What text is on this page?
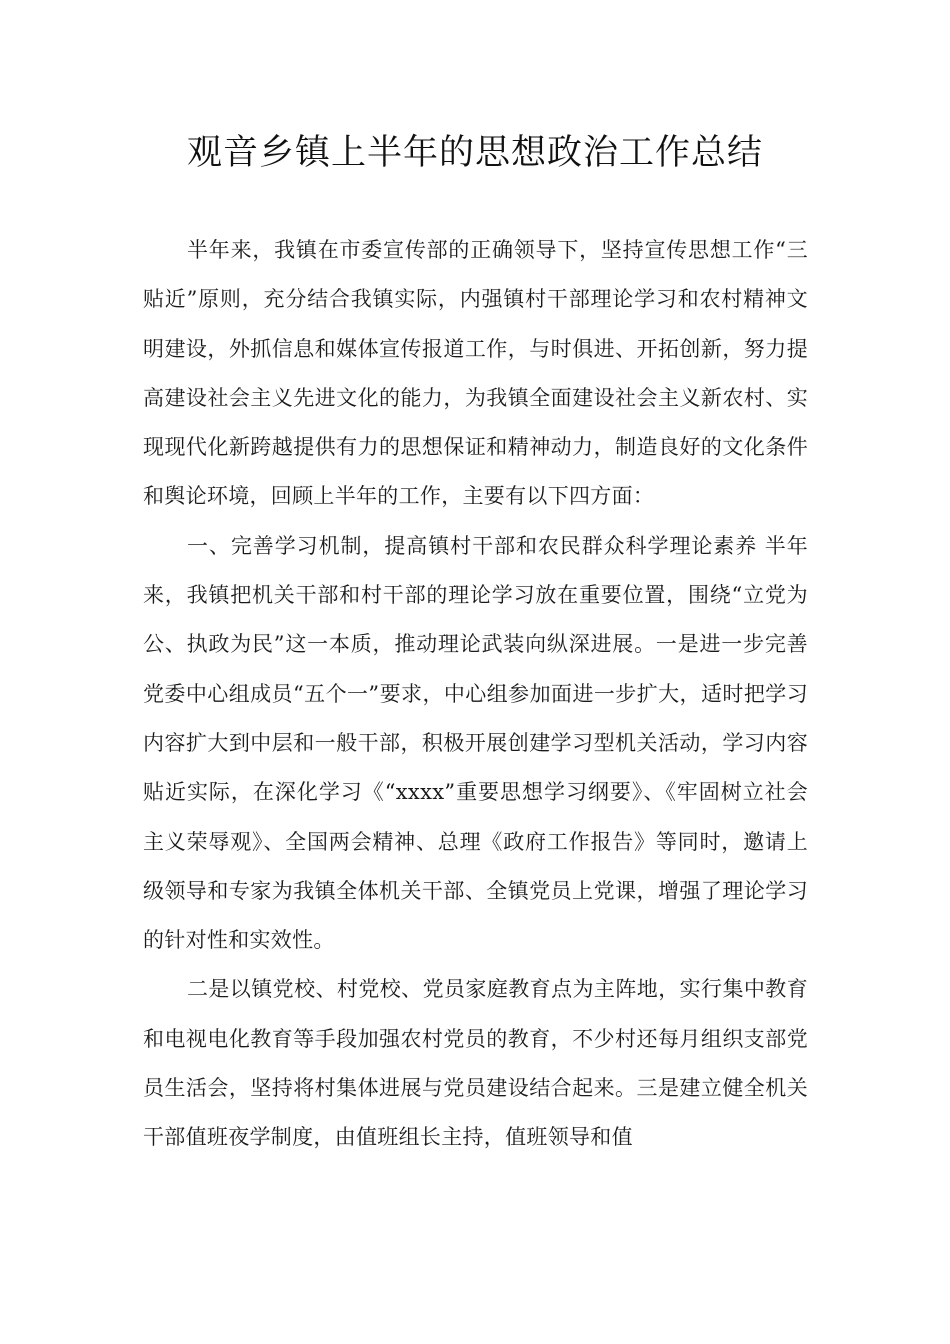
观音乡镇上半年的思想政治工作总结

半年来，我镇在市委宣传部的正确领导下，坚持宣传思想工作“三贴近”原则，充分结合我镇实际，内强镇村干部理论学习和农村精神文明建设，外抓信息和媒体宣传报道工作，与时俱进、开拓创新，努力提高建设社会主义先进文化的能力，为我镇全面建设社会主义新农村、实现现代化新跨越提供有力的思想保证和精神动力，制造良好的文化条件和舆论环境，回顾上半年的工作，主要有以下四方面：

一、完善学习机制，提高镇村干部和农民群众科学理论素养 半年来，我镇把机关干部和村干部的理论学习放在重要位置，围绕“立党为公、执政为民”这一本质，推动理论武装向纵深进展。一是进一步完善党委中心组成员“五个一”要求，中心组参加面进一步扩大，适时把学习内容扩大到中层和一般干部，积极开展创建学习型机关活动，学习内容贴近实际，在深化学习《“xxxx”重要思想学习纲要》、《牢固树立社会主义荣辱观》、全国两会精神、总理《政府工作报告》等同时，邀请上级领导和专家为我镇全体机关干部、全镇党员上党课，增强了理论学习的针对性和实效性。

二是以镇党校、村党校、党员家庭教育点为主阵地，实行集中教育和电视电化教育等手段加强农村党员的教育，不少村还每月组织支部党员生活会，坚持将村集体进展与党员建设结合起来。三是建立健全机关干部值班夜学制度，由值班组长主持，值班领导和值
